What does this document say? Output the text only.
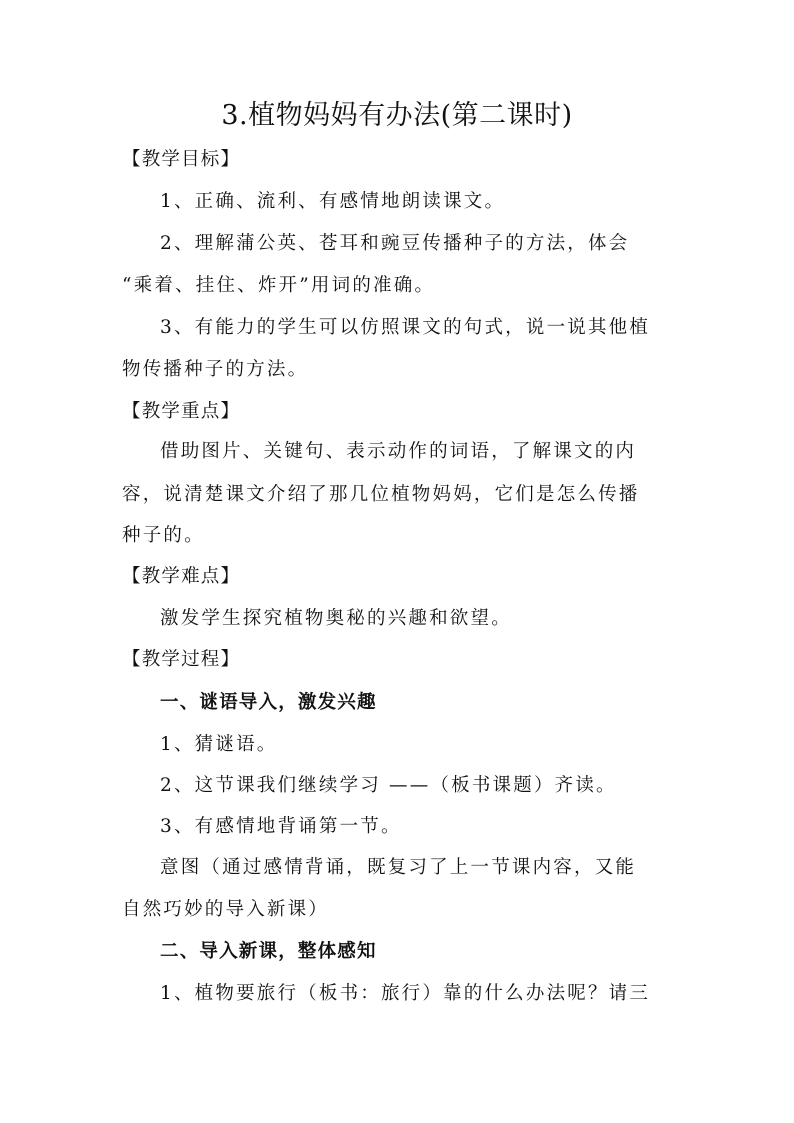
3.植物妈妈有办法(第二课时)
【教学目标】
1、正确、流利、有感情地朗读课文。
2、理解蒲公英、苍耳和豌豆传播种子的方法，体会
“乘着、挂住、炸开”用词的准确。
3、有能力的学生可以仿照课文的句式，说一说其他植
物传播种子的方法。
【教学重点】
借助图片、关键句、表示动作的词语，了解课文的内
容，说清楚课文介绍了那几位植物妈妈，它们是怎么传播
种子的。
【教学难点】
激发学生探究植物奥秘的兴趣和欲望。
【教学过程】
一、谜语导入，激发兴趣
1、猜谜语。
2、这节课我们继续学习 ——（板书课题）齐读。
3、有感情地背诵第一节。
意图（通过感情背诵，既复习了上一节课内容，又能
自然巧妙的导入新课）
二、导入新课，整体感知
1、植物要旅行（板书：旅行）靠的什么办法呢？请三
